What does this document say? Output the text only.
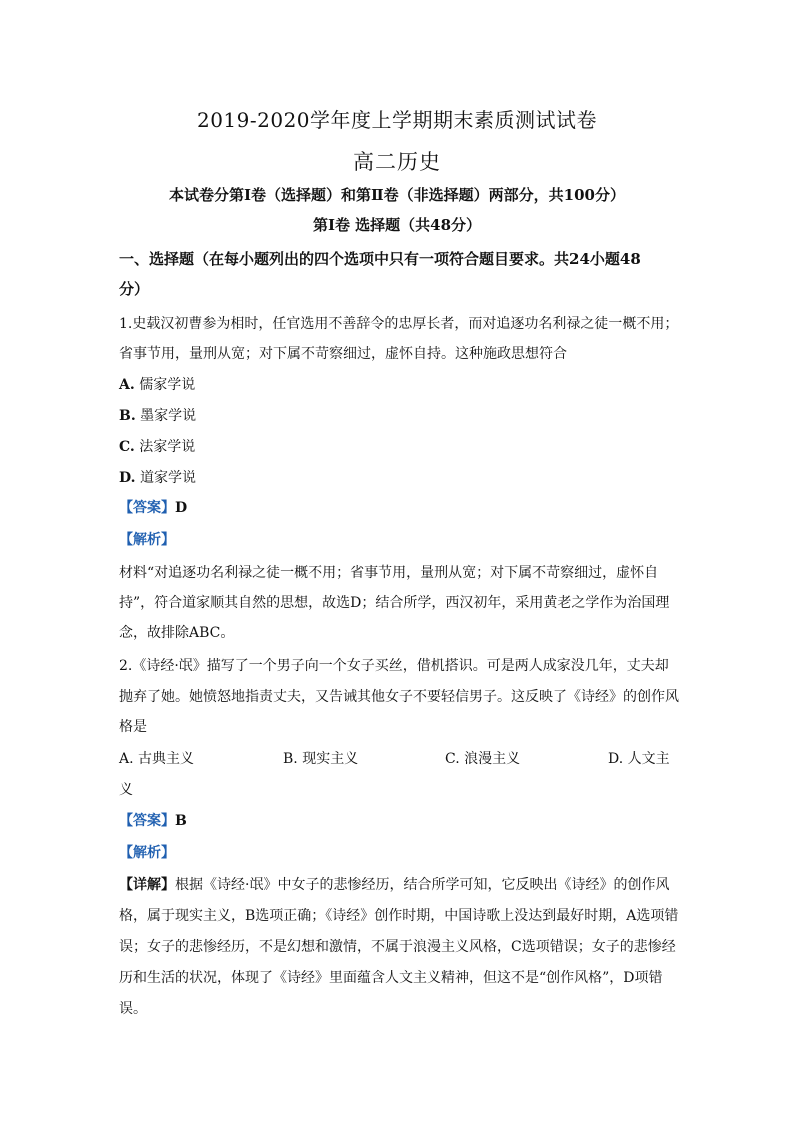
2019-2020学年度上学期期末素质测试试卷
高二历史
本试卷分第Ⅰ卷（选择题）和第Ⅱ卷（非选择题）两部分，共100分）
第Ⅰ卷 选择题（共48分）
一、选择题（在每小题列出的四个选项中只有一项符合题目要求。共24小题48
分）
1.史载汉初曹参为相时，任官选用不善辞令的忠厚长者，而对追逐功名利禄之徒一概不用；
省事节用，量刑从宽；对下属不苛察细过，虚怀自持。这种施政思想符合
A. 儒家学说
B. 墨家学说
C. 法家学说
D. 道家学说
【答案】D
【解析】
材料“对追逐功名利禄之徒一概不用；省事节用，量刑从宽；对下属不苛察细过，虚怀自
持”，符合道家顺其自然的思想，故选D；结合所学，西汉初年，采用黄老之学作为治国理
念，故排除ABC。
2.《诗经·氓》描写了一个男子向一个女子买丝，借机搭识。可是两人成家没几年，丈夫却
抛弃了她。她愤怒地指责丈夫，又告诫其他女子不要轻信男子。这反映了《诗经》的创作风
格是
A. 古典主义	B. 现实主义	C. 浪漫主义	D. 人文主
义
【答案】B
【解析】
【详解】根据《诗经·氓》中女子的悲惨经历，结合所学可知，它反映出《诗经》的创作风
格，属于现实主义，B选项正确；《诗经》创作时期，中国诗歌上没达到最好时期，A选项错
误；女子的悲惨经历，不是幻想和激情，不属于浪漫主义风格，C选项错误；女子的悲惨经
历和生活的状况，体现了《诗经》里面蕴含人文主义精神，但这不是“创作风格”，D项错
误。
